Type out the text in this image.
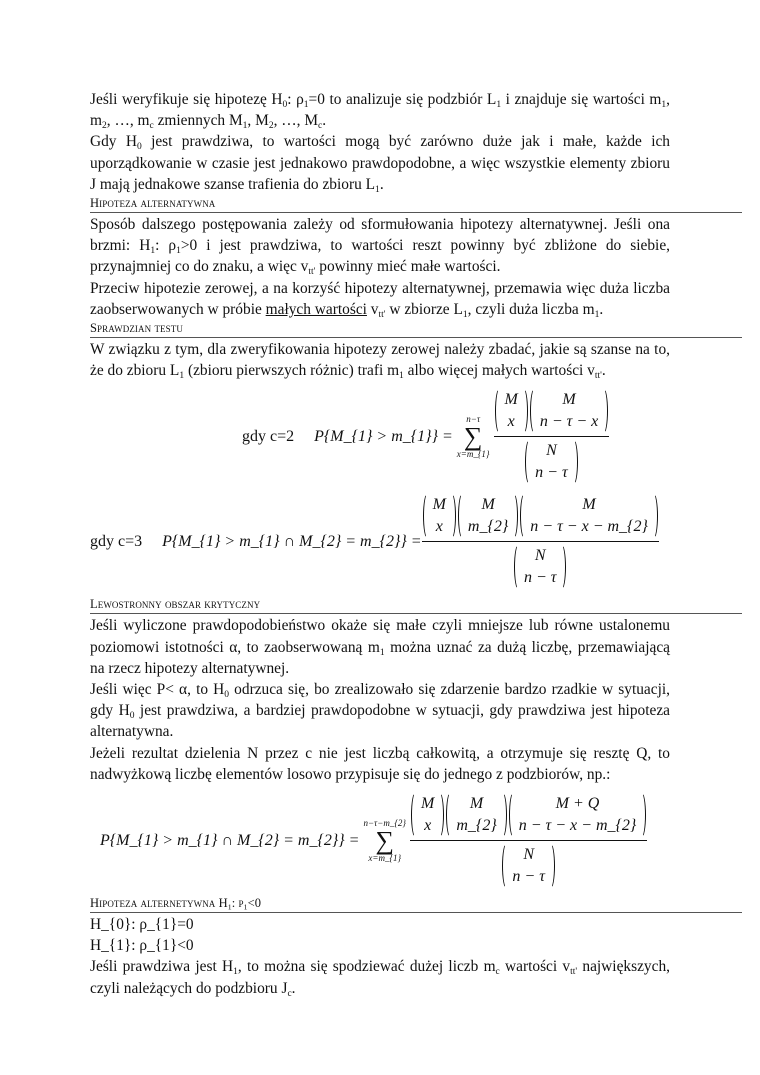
Jeśli weryfikuje się hipotezę $H_0$: $\rho_1=0$ to analizuje się podzbiór $L_1$ i znajduje się wartości $m_1$, $m_2$, …, $m_c$ zmiennych $M_1$, $M_2$, …, $M_c$.

Gdy $H_0$ jest prawdziwa, to wartości mogą być zarówno duże jak i małe, każde ich uporządkowanie w czasie jest jednakowo prawdopodobne, a więc wszystkie elementy zbioru J mają jednakowe szanse trafienia do zbioru $L_1$.

Hipoteza alternatywna

Sposób dalszego postępowania zależy od sformułowania hipotezy alternatywnej. Jeśli ona brzmi: $H_1$: $\rho_1>0$ i jest prawdziwa, to wartości reszt powinny być zbliżone do siebie, przynajmniej co do znaku, a więc $v_{tt'}$ powinny mieć małe wartości.

Przeciw hipotezie zerowej, a na korzyść hipotezy alternatywnej, przemawia więc duża liczba zaobserwowanych w próbie małych wartości $v_{tt'}$ w zbiorze $L_1$, czyli duża liczba $m_1$.

Sprawdzian testu

W związku z tym, dla zweryfikowania hipotezy zerowej należy zbadać, jakie są szanse na to, że do zbioru $L_1$ (zbioru pierwszych różnic) trafi $m_1$ albo więcej małych wartości $v_{tt'}$.

gdy c=2 P{M_{1} > m_{1}} =
n−τ
∑
x=m_{1} M
x
M
n − τ − x
N
n − τ
gdy c=3 P{M_{1} > m_{1} ∩ M_{2} = m_{2}} = M
x
M
m_{2}
M
n − τ − x − m_{2}
N
n − τ
Lewostronny obszar krytyczny

Jeśli wyliczone prawdopodobieństwo okaże się małe czyli mniejsze lub równe ustalonemu poziomowi istotności α, to zaobserwowaną $m_1$ można uznać za dużą liczbę, przemawiającą na rzecz hipotezy alternatywnej.

Jeśli więc P< α, to $H_0$ odrzuca się, bo zrealizowało się zdarzenie bardzo rzadkie w sytuacji, gdy $H_0$ jest prawdziwa, a bardziej prawdopodobne w sytuacji, gdy prawdziwa jest hipoteza alternatywna.

Jeżeli rezultat dzielenia N przez c nie jest liczbą całkowitą, a otrzymuje się resztę Q, to nadwyżkową liczbę elementów losowo przypisuje się do jednego z podzbiorów, np.:

P{M_{1} > m_{1} ∩ M_{2} = m_{2}} =
n−τ−m_{2}
∑
x=m_{1} M
x
M
m_{2}
M + Q
n − τ − x − m_{2}
N
n − τ
Hipoteza alternetywna $H_1$: $p_1<0$

H_{0}: ρ_{1}=0

H_{1}: ρ_{1}<0

Jeśli prawdziwa jest $H_1$, to można się spodziewać dużej liczb $m_c$ wartości $v_{tt'}$ największych, czyli należących do podzbioru $J_c$.
